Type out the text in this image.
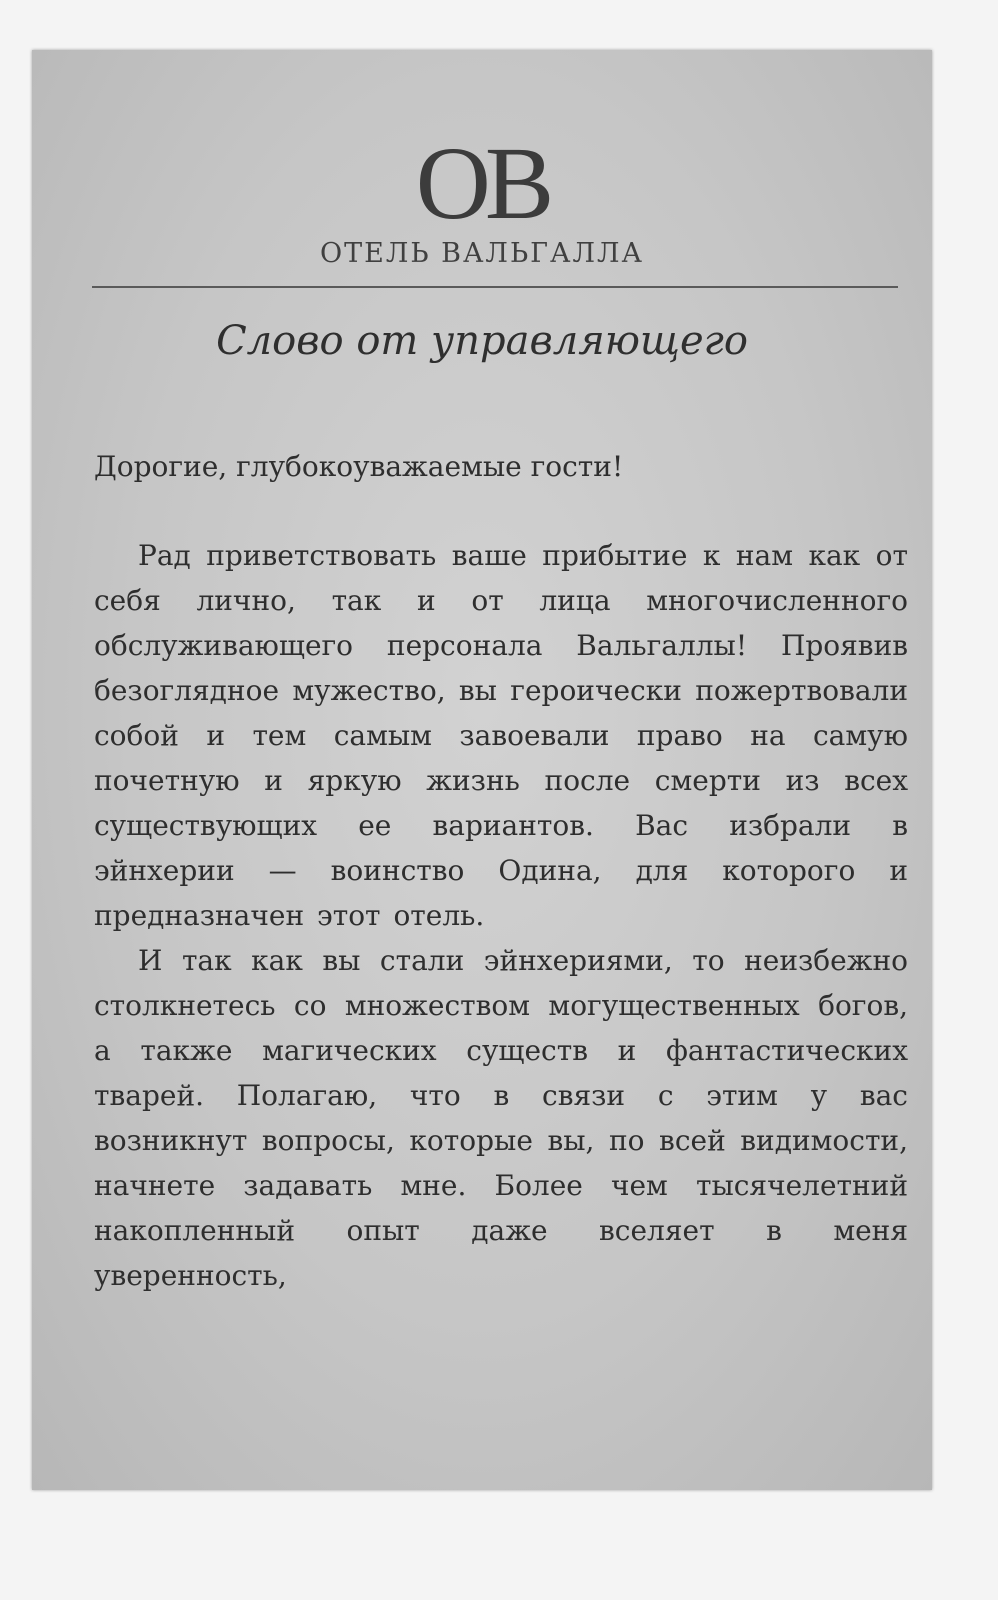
OB
ОТЕЛЬ ВАЛЬГАЛЛА
Слово от управляющего

Дорогие, глубокоуважаемые гости!

Рад приветствовать ваше прибытие к нам как от себя лично, так и от лица многочисленного обслуживающего персонала Вальгаллы! Проявив безоглядное мужество, вы героически пожертвовали собой и тем самым завоевали право на самую почетную и яркую жизнь после смерти из всех существующих ее вариантов. Вас избрали в эйнхерии — воинство Одина, для которого и предназначен этот отель.

И так как вы стали эйнхериями, то неизбежно столкнетесь со множеством могущественных богов, а также магических существ и фантастических тварей. Полагаю, что в связи с этим у вас возникнут вопросы, которые вы, по всей видимости, начнете задавать мне. Более чем тысячелетний накопленный опыт даже вселяет в меня уверенность,
